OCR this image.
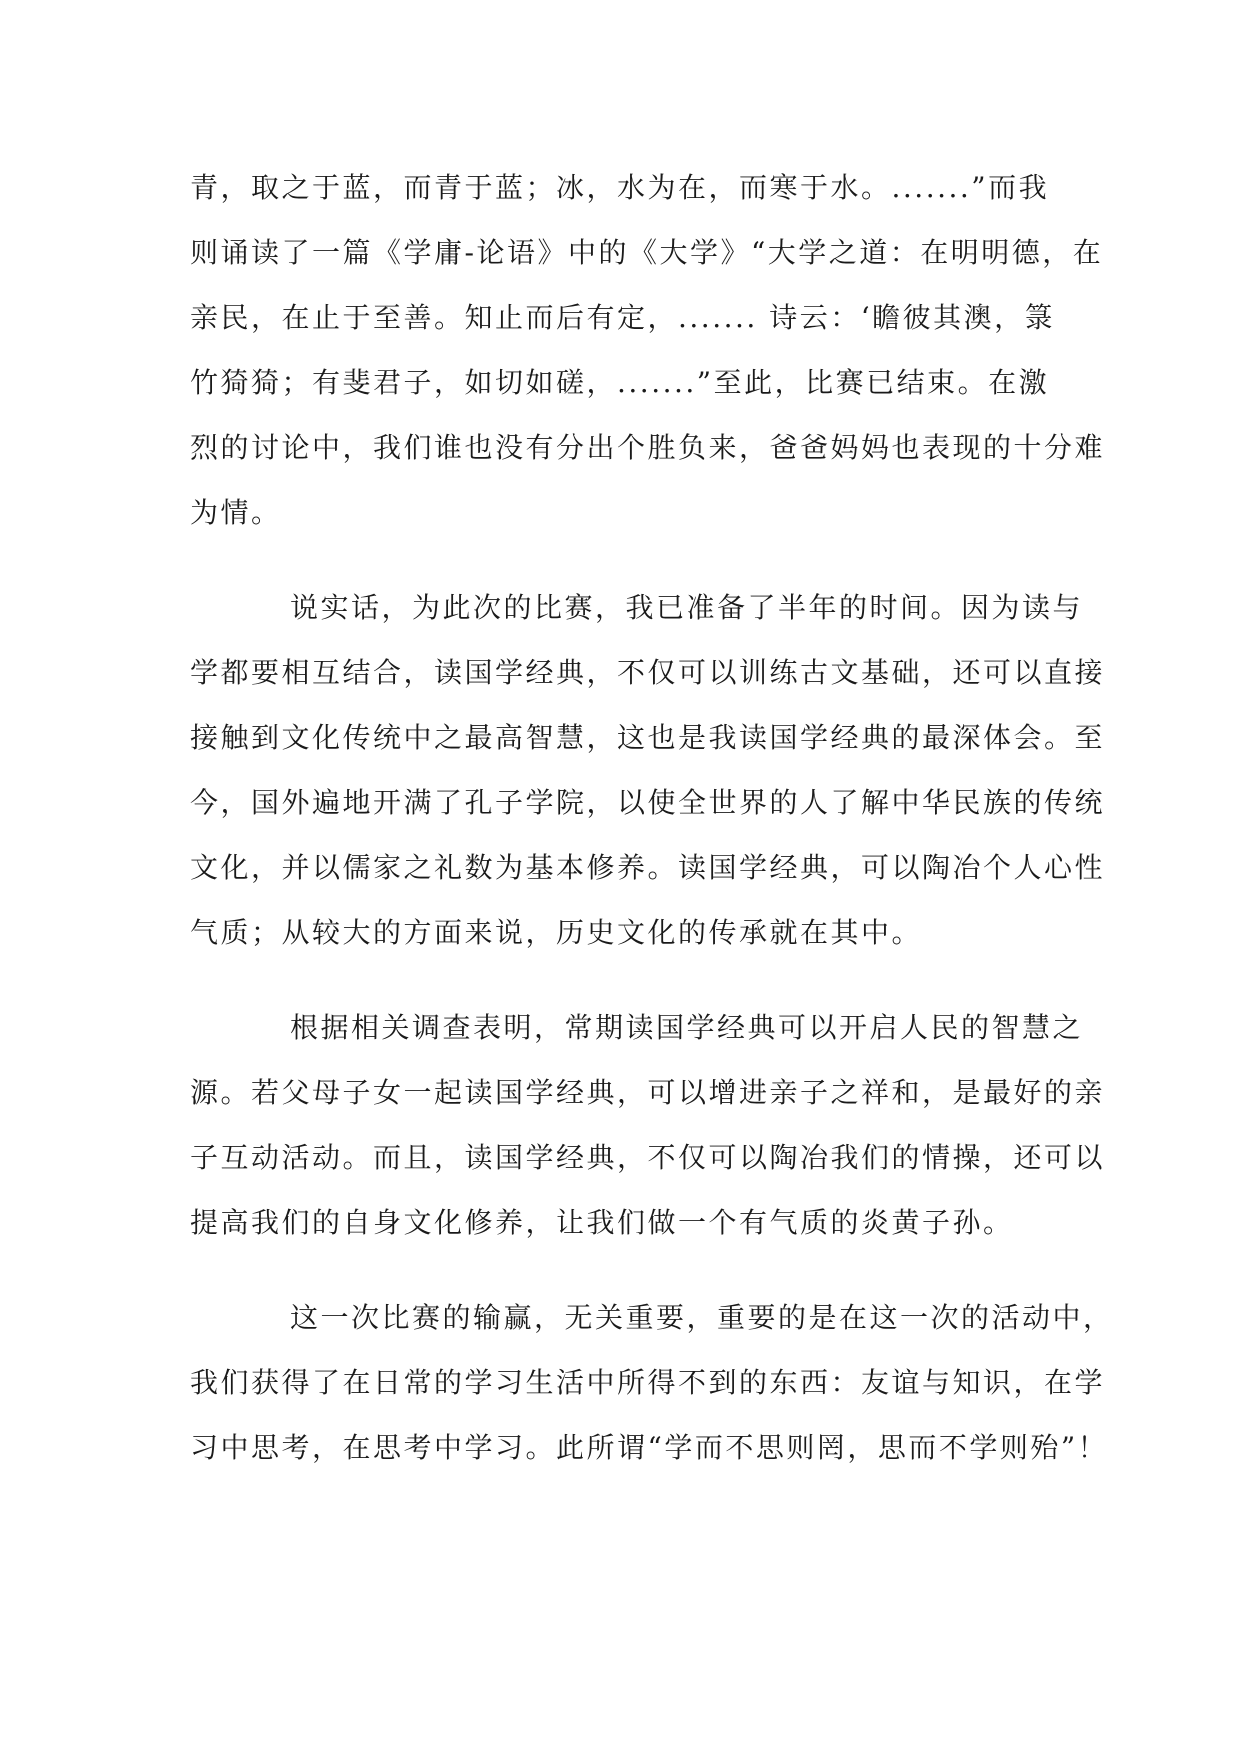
青，取之于蓝，而青于蓝；冰，水为在，而寒于水。.......”而我
则诵读了一篇《学庸-论语》中的《大学》“大学之道：在明明德，在
亲民，在止于至善。知止而后有定，....... 诗云：‘瞻彼其澳，箓
竹猗猗；有斐君子，如切如磋，.......”至此，比赛已结束。在激
烈的讨论中，我们谁也没有分出个胜负来，爸爸妈妈也表现的十分难
为情。
说实话，为此次的比赛，我已准备了半年的时间。因为读与
学都要相互结合，读国学经典，不仅可以训练古文基础，还可以直接
接触到文化传统中之最高智慧，这也是我读国学经典的最深体会。至
今，国外遍地开满了孔子学院，以使全世界的人了解中华民族的传统
文化，并以儒家之礼数为基本修养。读国学经典，可以陶冶个人心性
气质；从较大的方面来说，历史文化的传承就在其中。
根据相关调查表明，常期读国学经典可以开启人民的智慧之
源。若父母子女一起读国学经典，可以增进亲子之祥和，是最好的亲
子互动活动。而且，读国学经典，不仅可以陶冶我们的情操，还可以
提高我们的自身文化修养，让我们做一个有气质的炎黄子孙。
这一次比赛的输赢，无关重要，重要的是在这一次的活动中，
我们获得了在日常的学习生活中所得不到的东西：友谊与知识，在学
习中思考，在思考中学习。此所谓“学而不思则罔，思而不学则殆”！
